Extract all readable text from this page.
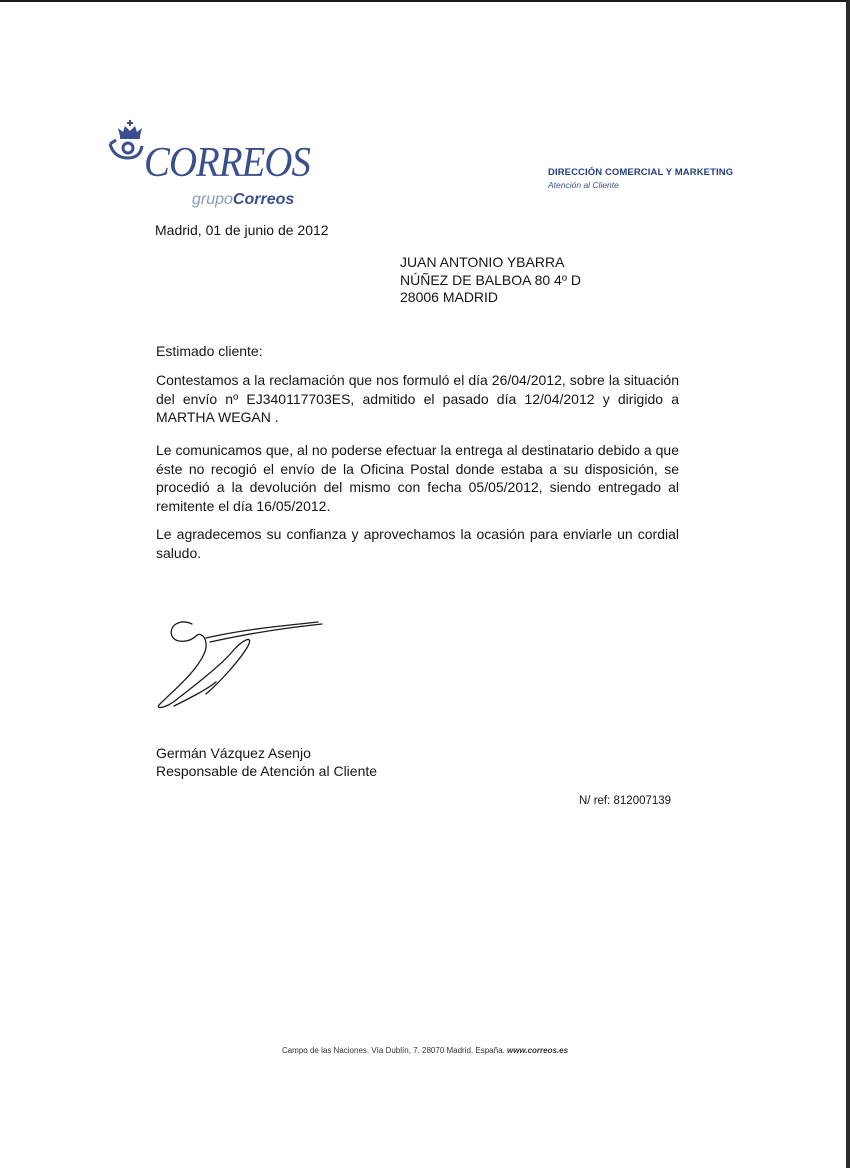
CORREOS
grupoCorreos
DIRECCIÓN COMERCIAL Y MARKETING
Atención al Cliente
Madrid, 01 de junio de 2012
JUAN ANTONIO YBARRA
NÚÑEZ DE BALBOA 80 4º D
28006 MADRID
Estimado cliente:
Contestamos a la reclamación que nos formuló el día 26/04/2012, sobre la situación del envío nº EJ340117703ES, admitido el pasado día 12/04/2012 y dirigido a MARTHA WEGAN .
Le comunicamos que, al no poderse efectuar la entrega al destinatario debido a que éste no recogió el envío de la Oficina Postal donde estaba a su disposición, se procedió a la devolución del mismo con fecha 05/05/2012, siendo entregado al remitente el día 16/05/2012.
Le agradecemos su confianza y aprovechamos la ocasión para enviarle un cordial saludo.
Germán Vázquez Asenjo
Responsable de Atención al Cliente
N/ ref: 812007139
Campo de las Naciones. Vía Dublín, 7. 28070 Madrid. España. www.correos.es
